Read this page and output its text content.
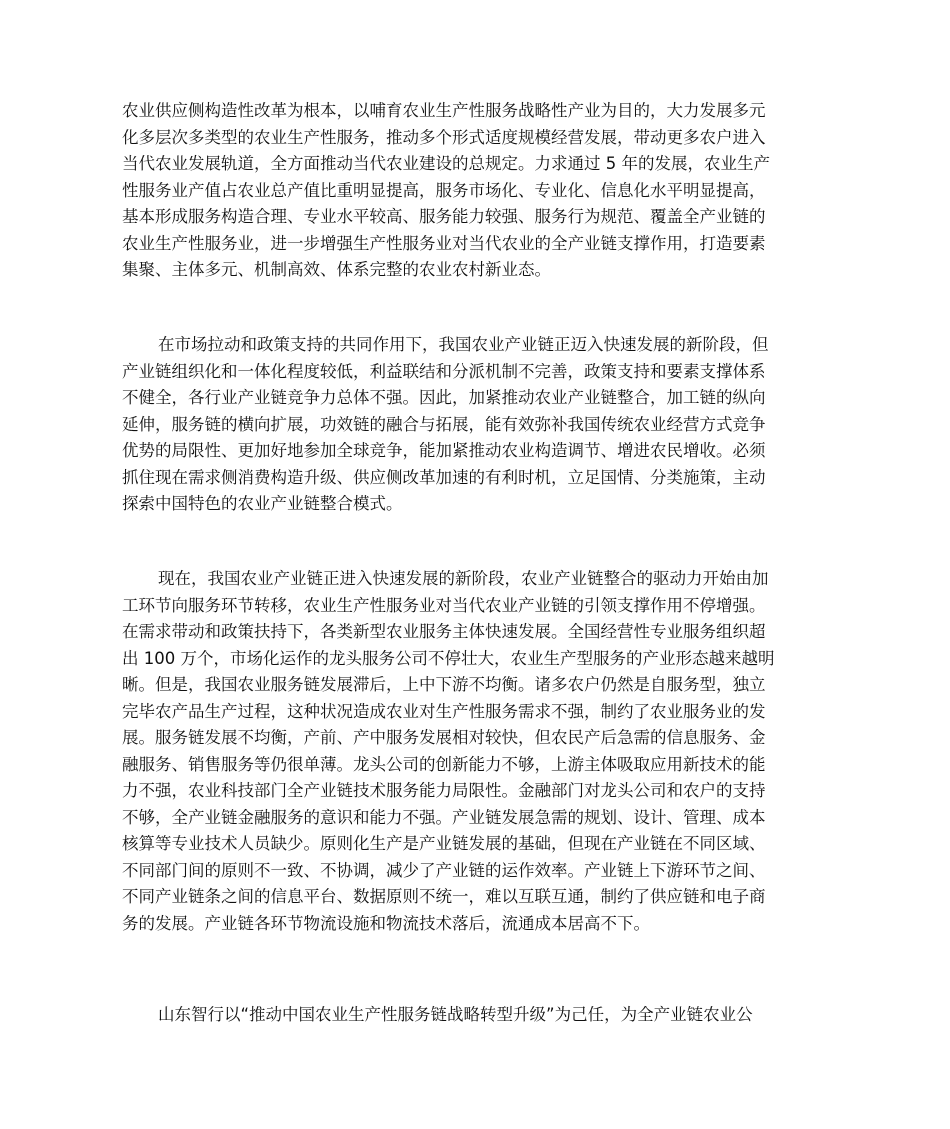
农业供应侧构造性改革为根本，以哺育农业生产性服务战略性产业为目的，大力发展多元
化多层次多类型的农业生产性服务，推动多个形式适度规模经营发展，带动更多农户进入
当代农业发展轨道，全方面推动当代农业建设的总规定。力求通过 5 年的发展，农业生产
性服务业产值占农业总产值比重明显提高，服务市场化、专业化、信息化水平明显提高，
基本形成服务构造合理、专业水平较高、服务能力较强、服务行为规范、覆盖全产业链的
农业生产性服务业，进一步增强生产性服务业对当代农业的全产业链支撑作用，打造要素
集聚、主体多元、机制高效、体系完整的农业农村新业态。

在市场拉动和政策支持的共同作用下，我国农业产业链正迈入快速发展的新阶段，但
产业链组织化和一体化程度较低，利益联结和分派机制不完善，政策支持和要素支撑体系
不健全，各行业产业链竞争力总体不强。因此，加紧推动农业产业链整合，加工链的纵向
延伸，服务链的横向扩展，功效链的融合与拓展，能有效弥补我国传统农业经营方式竞争
优势的局限性、更加好地参加全球竞争，能加紧推动农业构造调节、增进农民增收。必须
抓住现在需求侧消费构造升级、供应侧改革加速的有利时机，立足国情、分类施策，主动
探索中国特色的农业产业链整合模式。

现在，我国农业产业链正进入快速发展的新阶段，农业产业链整合的驱动力开始由加
工环节向服务环节转移，农业生产性服务业对当代农业产业链的引领支撑作用不停增强。
在需求带动和政策扶持下，各类新型农业服务主体快速发展。全国经营性专业服务组织超
出 100 万个，市场化运作的龙头服务公司不停壮大，农业生产型服务的产业形态越来越明
晰。但是，我国农业服务链发展滞后，上中下游不均衡。诸多农户仍然是自服务型，独立
完毕农产品生产过程，这种状况造成农业对生产性服务需求不强，制约了农业服务业的发
展。服务链发展不均衡，产前、产中服务发展相对较快，但农民产后急需的信息服务、金
融服务、销售服务等仍很单薄。龙头公司的创新能力不够，上游主体吸取应用新技术的能
力不强，农业科技部门全产业链技术服务能力局限性。金融部门对龙头公司和农户的支持
不够，全产业链金融服务的意识和能力不强。产业链发展急需的规划、设计、管理、成本
核算等专业技术人员缺少。原则化生产是产业链发展的基础，但现在产业链在不同区域、
不同部门间的原则不一致、不协调，减少了产业链的运作效率。产业链上下游环节之间、
不同产业链条之间的信息平台、数据原则不统一，难以互联互通，制约了供应链和电子商
务的发展。产业链各环节物流设施和物流技术落后，流通成本居高不下。

山东智行以“推动中国农业生产性服务链战略转型升级”为己任，为全产业链农业公
